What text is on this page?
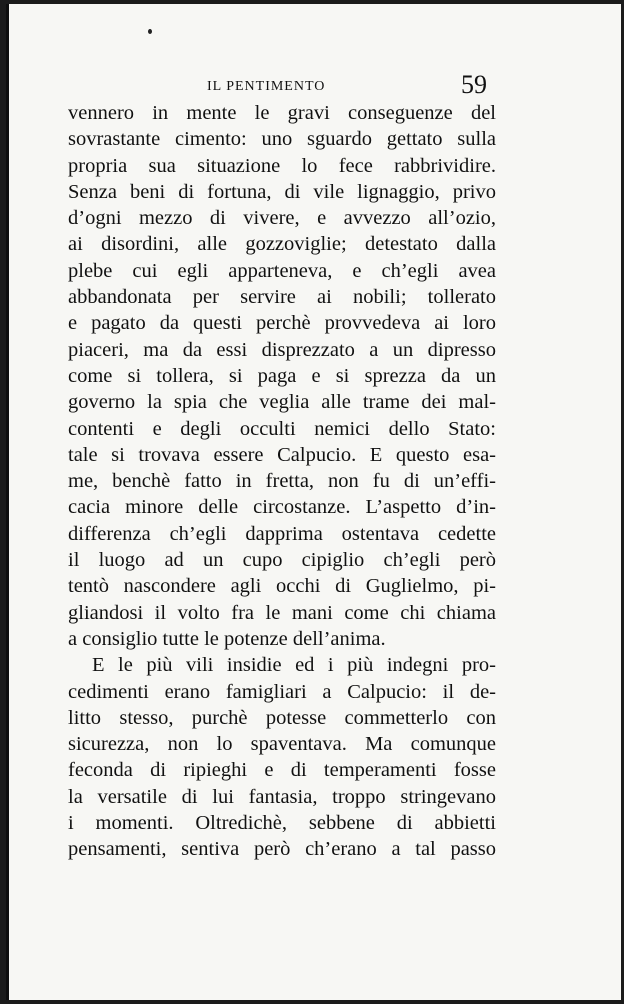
IL PENTIMENTO	59
vennero in mente le gravi conseguenze del
sovrastante cimento: uno sguardo gettato sulla
propria sua situazione lo fece rabbrividire.
Senza beni di fortuna, di vile lignaggio, privo
d’ogni mezzo di vivere, e avvezzo all’ozio,
ai disordini, alle gozzoviglie; detestato dalla
plebe cui egli apparteneva, e ch’egli avea
abbandonata per servire ai nobili; tollerato
e pagato da questi perchè provvedeva ai loro
piaceri, ma da essi disprezzato a un dipresso
come si tollera, si paga e si sprezza da un
governo la spia che veglia alle trame dei mal-
contenti e degli occulti nemici dello Stato:
tale si trovava essere Calpucio. E questo esa-
me, benchè fatto in fretta, non fu di un’effi-
cacia minore delle circostanze. L’aspetto d’in-
differenza ch’egli dapprima ostentava cedette
il luogo ad un cupo cipiglio ch’egli però
tentò nascondere agli occhi di Guglielmo, pi-
gliandosi il volto fra le mani come chi chiama
a consiglio tutte le potenze dell’anima.
E le più vili insidie ed i più indegni pro-
cedimenti erano famigliari a Calpucio: il de-
litto stesso, purchè potesse commetterlo con
sicurezza, non lo spaventava. Ma comunque
feconda di ripieghi e di temperamenti fosse
la versatile di lui fantasia, troppo stringevano
i momenti. Oltredichè, sebbene di abbietti
pensamenti, sentiva però ch’erano a tal passo
